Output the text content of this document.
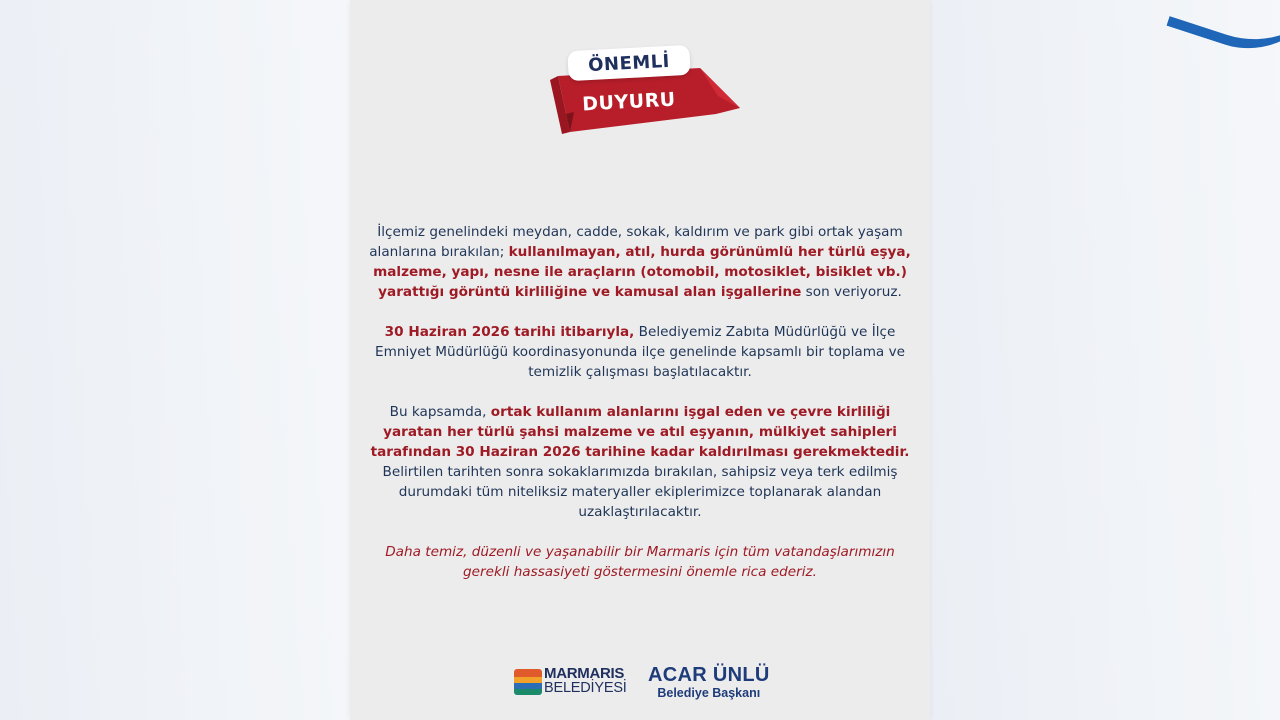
ÖNEMLİ
DUYURU

İlçemiz genelindeki meydan, cadde, sokak, kaldırım ve park gibi ortak yaşam alanlarına bırakılan; kullanılmayan, atıl, hurda görünümlü her türlü eşya, malzeme, yapı, nesne ile araçların (otomobil, motosiklet, bisiklet vb.) yarattığı görüntü kirliliğine ve kamusal alan işgallerine son veriyoruz.

30 Haziran 2026 tarihi itibarıyla, Belediyemiz Zabıta Müdürlüğü ve İlçe Emniyet Müdürlüğü koordinasyonunda ilçe genelinde kapsamlı bir toplama ve temizlik çalışması başlatılacaktır.

Bu kapsamda, ortak kullanım alanlarını işgal eden ve çevre kirliliği yaratan her türlü şahsi malzeme ve atıl eşyanın, mülkiyet sahipleri tarafından 30 Haziran 2026 tarihine kadar kaldırılması gerekmektedir. Belirtilen tarihten sonra sokaklarımızda bırakılan, sahipsiz veya terk edilmiş durumdaki tüm niteliksiz materyaller ekiplerimizce toplanarak alandan uzaklaştırılacaktır.

Daha temiz, düzenli ve yaşanabilir bir Marmaris için tüm vatandaşlarımızın gerekli hassasiyeti göstermesini önemle rica ederiz.

MARMARIS
BELEDİYESİ
ACAR ÜNLÜ
Belediye Başkanı
